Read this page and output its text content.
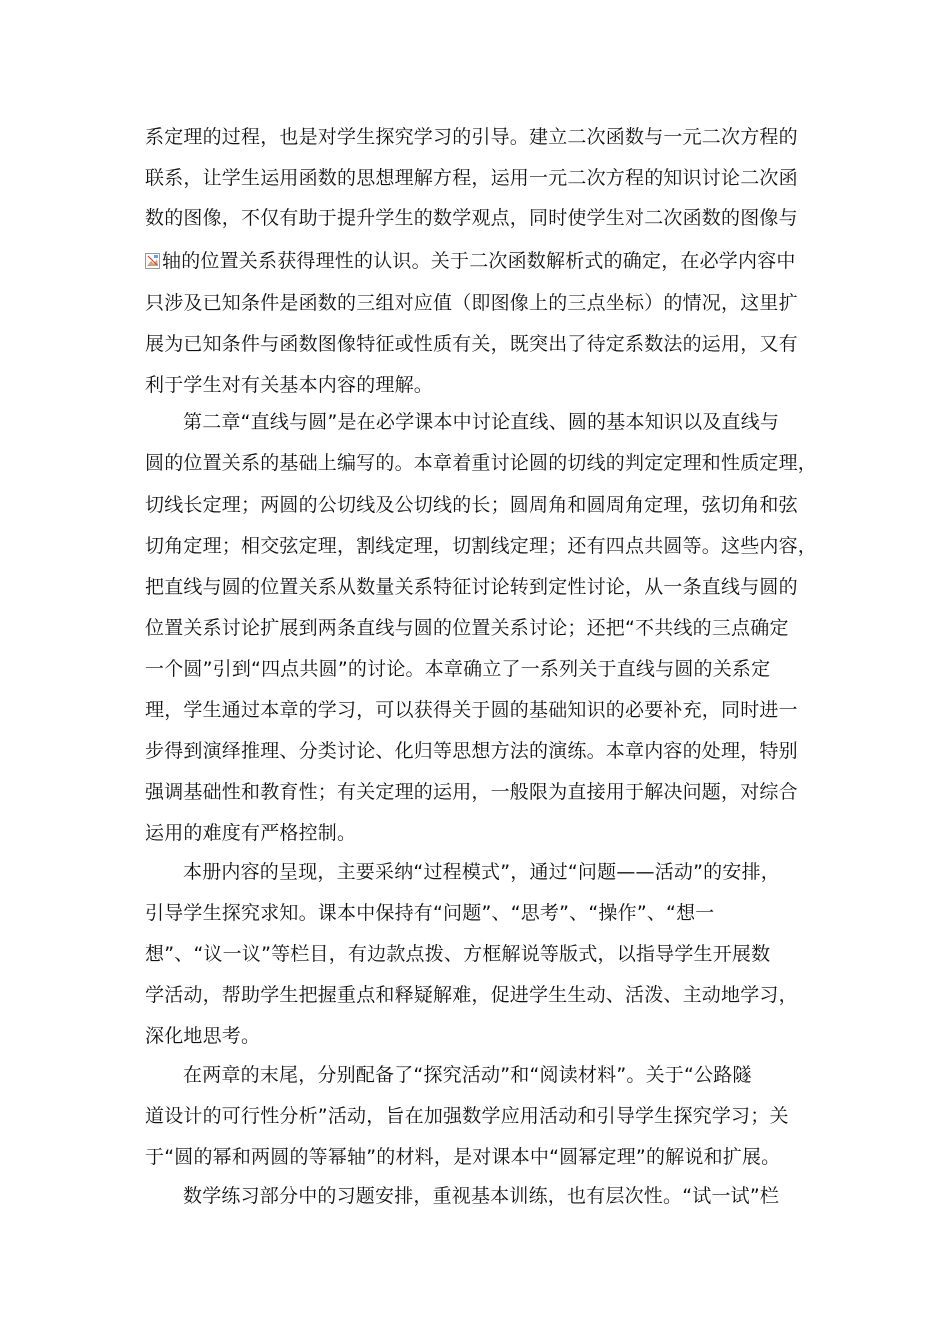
系定理的过程，也是对学生探究学习的引导。建立二次函数与一元二次方程的
联系，让学生运用函数的思想理解方程，运用一元二次方程的知识讨论二次函
数的图像，不仅有助于提升学生的数学观点，同时使学生对二次函数的图像与
轴的位置关系获得理性的认识。关于二次函数解析式的确定，在必学内容中
只涉及已知条件是函数的三组对应值（即图像上的三点坐标）的情况，这里扩
展为已知条件与函数图像特征或性质有关，既突出了待定系数法的运用，又有
利于学生对有关基本内容的理解。
第二章“直线与圆”是在必学课本中讨论直线、圆的基本知识以及直线与
圆的位置关系的基础上编写的。本章着重讨论圆的切线的判定定理和性质定理，
切线长定理；两圆的公切线及公切线的长；圆周角和圆周角定理，弦切角和弦
切角定理；相交弦定理，割线定理，切割线定理；还有四点共圆等。这些内容，
把直线与圆的位置关系从数量关系特征讨论转到定性讨论，从一条直线与圆的
位置关系讨论扩展到两条直线与圆的位置关系讨论；还把“不共线的三点确定
一个圆”引到“四点共圆”的讨论。本章确立了一系列关于直线与圆的关系定
理，学生通过本章的学习，可以获得关于圆的基础知识的必要补充，同时进一
步得到演绎推理、分类讨论、化归等思想方法的演练。本章内容的处理，特别
强调基础性和教育性；有关定理的运用，一般限为直接用于解决问题，对综合
运用的难度有严格控制。
本册内容的呈现，主要采纳“过程模式”，通过“问题——活动”的安排，
引导学生探究求知。课本中保持有“问题”、“思考”、“操作”、“想一
想”、“议一议”等栏目，有边款点拨、方框解说等版式，以指导学生开展数
学活动，帮助学生把握重点和释疑解难，促进学生生动、活泼、主动地学习，
深化地思考。
在两章的末尾，分别配备了“探究活动”和“阅读材料”。关于“公路隧
道设计的可行性分析”活动，旨在加强数学应用活动和引导学生探究学习；关
于“圆的幂和两圆的等幂轴”的材料，是对课本中“圆幂定理”的解说和扩展。
数学练习部分中的习题安排，重视基本训练，也有层次性。“试一试”栏
